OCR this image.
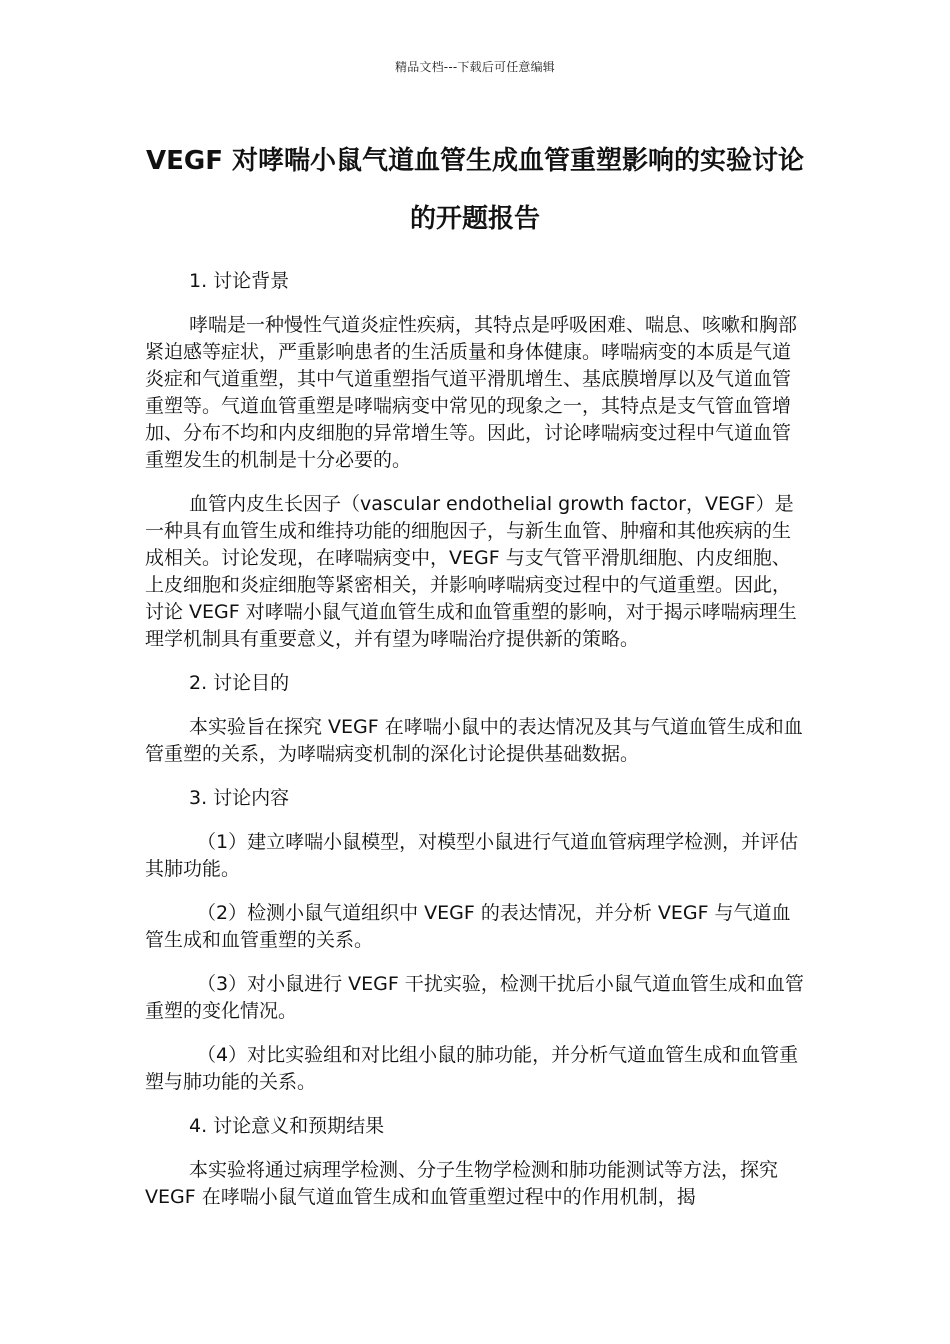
精品文档---下载后可任意编辑
VEGF 对哮喘小鼠气道血管生成血管重塑影响的实验讨论的开题报告

1. 讨论背景

哮喘是一种慢性气道炎症性疾病，其特点是呼吸困难、喘息、咳嗽和胸部紧迫感等症状，严重影响患者的生活质量和身体健康。哮喘病变的本质是气道炎症和气道重塑，其中气道重塑指气道平滑肌增生、基底膜增厚以及气道血管重塑等。气道血管重塑是哮喘病变中常见的现象之一，其特点是支气管血管增加、分布不均和内皮细胞的异常增生等。因此，讨论哮喘病变过程中气道血管重塑发生的机制是十分必要的。

血管内皮生长因子（vascular endothelial growth factor，VEGF）是一种具有血管生成和维持功能的细胞因子，与新生血管、肿瘤和其他疾病的生成相关。讨论发现，在哮喘病变中，VEGF 与支气管平滑肌细胞、内皮细胞、上皮细胞和炎症细胞等紧密相关，并影响哮喘病变过程中的气道重塑。因此，讨论 VEGF 对哮喘小鼠气道血管生成和血管重塑的影响，对于揭示哮喘病理生理学机制具有重要意义，并有望为哮喘治疗提供新的策略。

2. 讨论目的

本实验旨在探究 VEGF 在哮喘小鼠中的表达情况及其与气道血管生成和血管重塑的关系，为哮喘病变机制的深化讨论提供基础数据。

3. 讨论内容

（1）建立哮喘小鼠模型，对模型小鼠进行气道血管病理学检测，并评估其肺功能。

（2）检测小鼠气道组织中 VEGF 的表达情况，并分析 VEGF 与气道血管生成和血管重塑的关系。

（3）对小鼠进行 VEGF 干扰实验，检测干扰后小鼠气道血管生成和血管重塑的变化情况。

（4）对比实验组和对比组小鼠的肺功能，并分析气道血管生成和血管重塑与肺功能的关系。

4. 讨论意义和预期结果

本实验将通过病理学检测、分子生物学检测和肺功能测试等方法，探究 VEGF 在哮喘小鼠气道血管生成和血管重塑过程中的作用机制，揭
